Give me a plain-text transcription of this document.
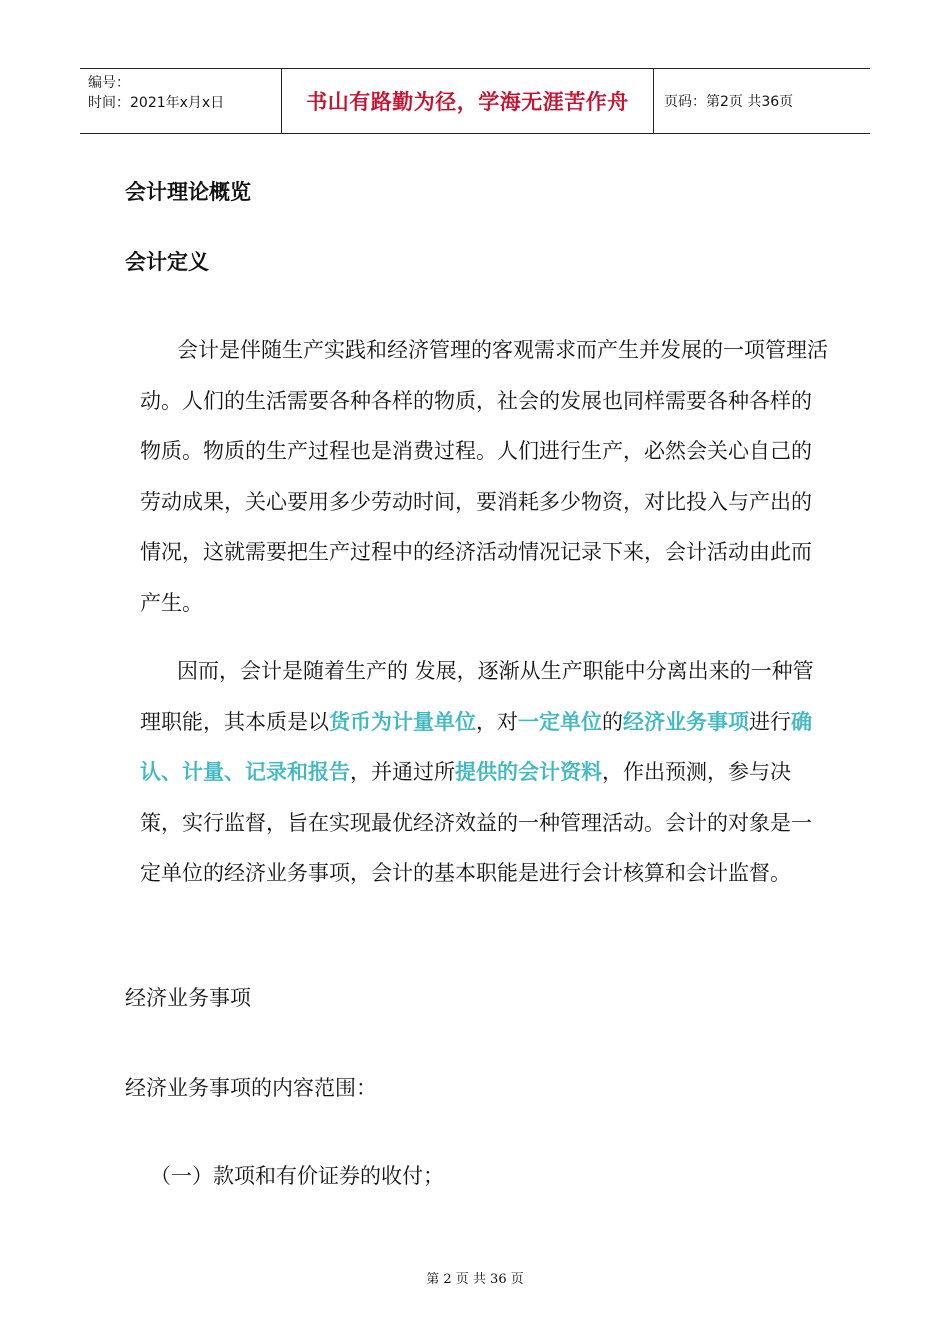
编号：
时间：2021年x月x日	书山有路勤为径，学海无涯苦作舟	页码：第2页 共36页
会计理论概览
会计定义
会计是伴随生产实践和经济管理的客观需求而产生并发展的一项管理活动。人们的生活需要各种各样的物质，社会的发展也同样需要各种各样的物质。物质的生产过程也是消费过程。人们进行生产，必然会关心自己的劳动成果，关心要用多少劳动时间，要消耗多少物资，对比投入与产出的情况，这就需要把生产过程中的经济活动情况记录下来，会计活动由此而产生。
因而，会计是随着生产的 发展，逐渐从生产职能中分离出来的一种管理职能，其本质是以货币为计量单位，对一定单位的经济业务事项进行确认、计量、记录和报告，并通过所提供的会计资料，作出预测，参与决策，实行监督，旨在实现最优经济效益的一种管理活动。会计的对象是一定单位的经济业务事项，会计的基本职能是进行会计核算和会计监督。
经济业务事项
经济业务事项的内容范围：
（一）款项和有价证券的收付；
第 2 页 共 36 页
